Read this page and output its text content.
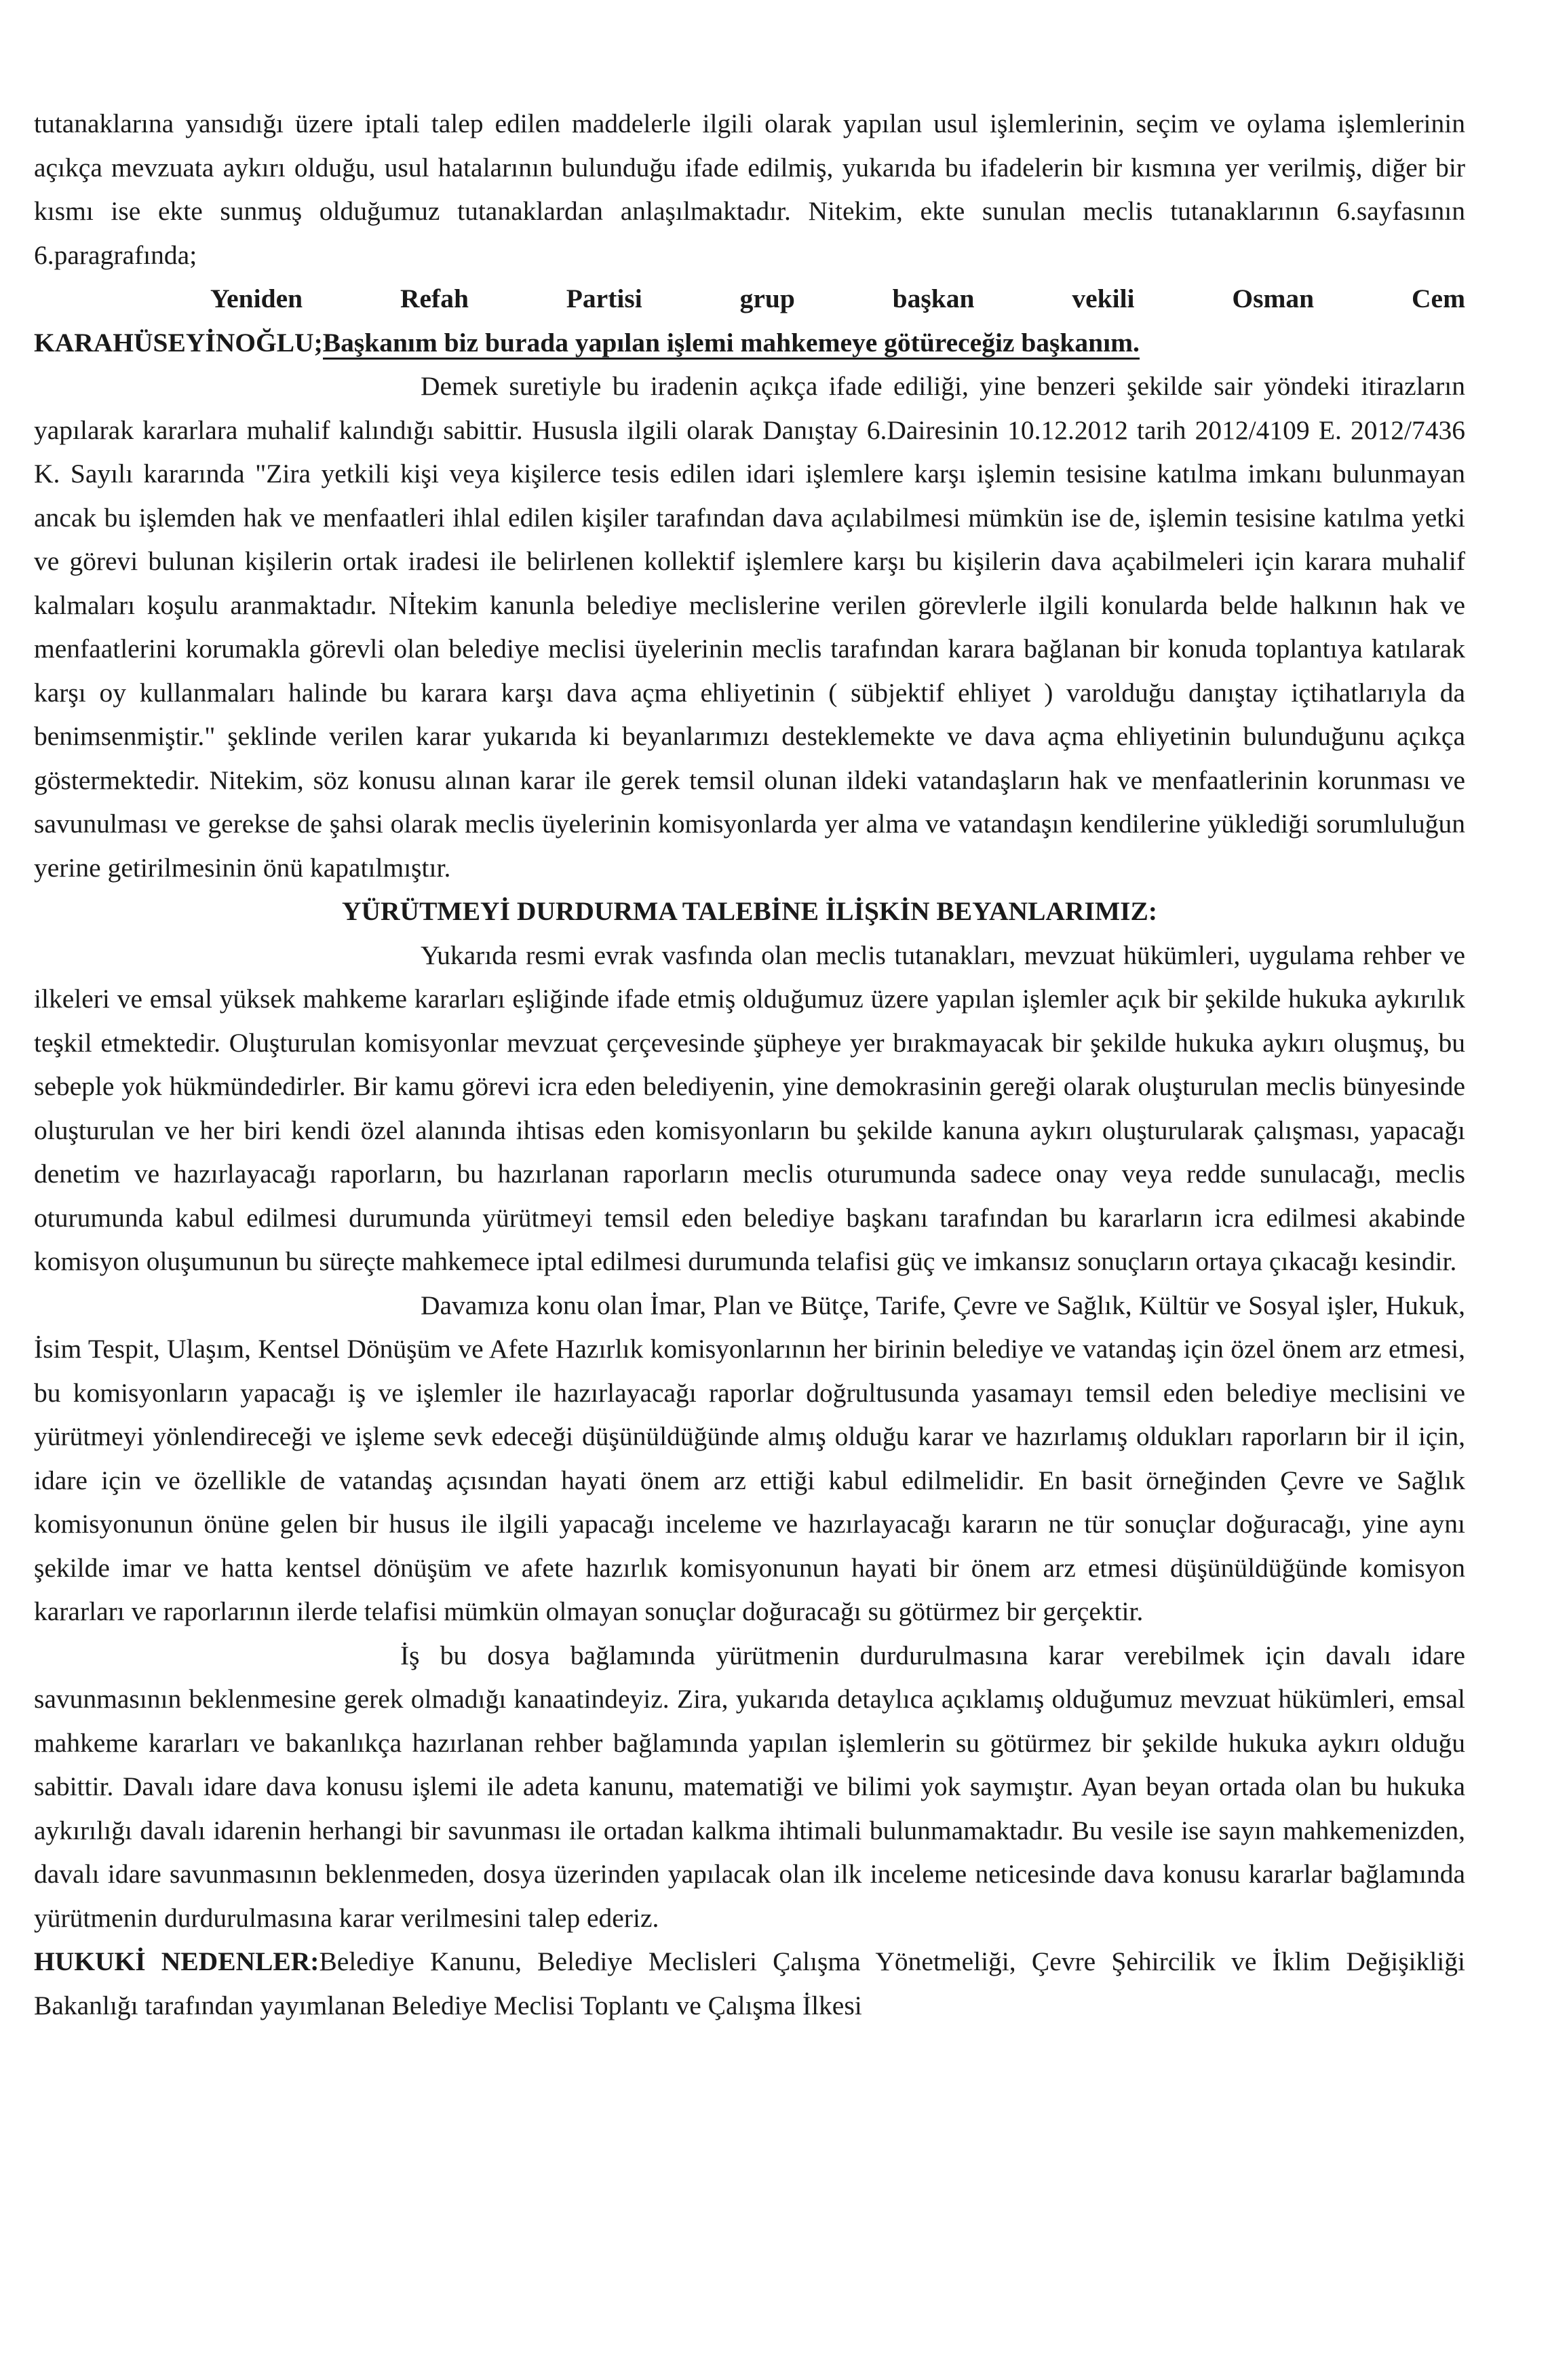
tutanaklarına yansıdığı üzere iptali talep edilen maddelerle ilgili olarak yapılan usul işlemlerinin, seçim ve oylama işlemlerinin açıkça mevzuata aykırı olduğu, usul hatalarının bulunduğu ifade edilmiş, yukarıda bu ifadelerin bir kısmına yer verilmiş, diğer bir kısmı ise ekte sunmuş olduğumuz tutanaklardan anlaşılmaktadır. Nitekim, ekte sunulan meclis tutanaklarının 6.sayfasının 6.paragrafında;

Yeniden Refah Partisi grup başkan vekili Osman Cem

KARAHÜSEYİNOĞLU;Başkanım biz burada yapılan işlemi mahkemeye götüreceğiz başkanım.

Demek suretiyle bu iradenin açıkça ifade ediliği, yine benzeri şekilde sair yöndeki itirazların yapılarak kararlara muhalif kalındığı sabittir. Hususla ilgili olarak Danıştay 6.Dairesinin 10.12.2012 tarih 2012/4109 E. 2012/7436 K. Sayılı kararında "Zira yetkili kişi veya kişilerce tesis edilen idari işlemlere karşı işlemin tesisine katılma imkanı bulunmayan ancak bu işlemden hak ve menfaatleri ihlal edilen kişiler tarafından dava açılabilmesi mümkün ise de, işlemin tesisine katılma yetki ve görevi bulunan kişilerin ortak iradesi ile belirlenen kollektif işlemlere karşı bu kişilerin dava açabilmeleri için karara muhalif kalmaları koşulu aranmaktadır. Nİtekim kanunla belediye meclislerine verilen görevlerle ilgili konularda belde halkının hak ve menfaatlerini korumakla görevli olan belediye meclisi üyelerinin meclis tarafından karara bağlanan bir konuda toplantıya katılarak karşı oy kullanmaları halinde bu karara karşı dava açma ehliyetinin ( sübjektif ehliyet ) varolduğu danıştay içtihatlarıyla da benimsenmiştir." şeklinde verilen karar yukarıda ki beyanlarımızı desteklemekte ve dava açma ehliyetinin bulunduğunu açıkça göstermektedir. Nitekim, söz konusu alınan karar ile gerek temsil olunan ildeki vatandaşların hak ve menfaatlerinin korunması ve savunulması ve gerekse de şahsi olarak meclis üyelerinin komisyonlarda yer alma ve vatandaşın kendilerine yüklediği sorumluluğun yerine getirilmesinin önü kapatılmıştır.

YÜRÜTMEYİ DURDURMA TALEBİNE İLİŞKİN BEYANLARIMIZ:

Yukarıda resmi evrak vasfında olan meclis tutanakları, mevzuat hükümleri, uygulama rehber ve ilkeleri ve emsal yüksek mahkeme kararları eşliğinde ifade etmiş olduğumuz üzere yapılan işlemler açık bir şekilde hukuka aykırılık teşkil etmektedir. Oluşturulan komisyonlar mevzuat çerçevesinde şüpheye yer bırakmayacak bir şekilde hukuka aykırı oluşmuş, bu sebeple yok hükmündedirler. Bir kamu görevi icra eden belediyenin, yine demokrasinin gereği olarak oluşturulan meclis bünyesinde oluşturulan ve her biri kendi özel alanında ihtisas eden komisyonların bu şekilde kanuna aykırı oluşturularak çalışması, yapacağı denetim ve hazırlayacağı raporların, bu hazırlanan raporların meclis oturumunda sadece onay veya redde sunulacağı, meclis oturumunda kabul edilmesi durumunda yürütmeyi temsil eden belediye başkanı tarafından bu kararların icra edilmesi akabinde komisyon oluşumunun bu süreçte mahkemece iptal edilmesi durumunda telafisi güç ve imkansız sonuçların ortaya çıkacağı kesindir.

Davamıza konu olan İmar, Plan ve Bütçe, Tarife, Çevre ve Sağlık, Kültür ve Sosyal işler, Hukuk, İsim Tespit, Ulaşım, Kentsel Dönüşüm ve Afete Hazırlık komisyonlarının her birinin belediye ve vatandaş için özel önem arz etmesi, bu komisyonların yapacağı iş ve işlemler ile hazırlayacağı raporlar doğrultusunda yasamayı temsil eden belediye meclisini ve yürütmeyi yönlendireceği ve işleme sevk edeceği düşünüldüğünde almış olduğu karar ve hazırlamış oldukları raporların bir il için, idare için ve özellikle de vatandaş açısından hayati önem arz ettiği kabul edilmelidir. En basit örneğinden Çevre ve Sağlık komisyonunun önüne gelen bir husus ile ilgili yapacağı inceleme ve hazırlayacağı kararın ne tür sonuçlar doğuracağı, yine aynı şekilde imar ve hatta kentsel dönüşüm ve afete hazırlık komisyonunun hayati bir önem arz etmesi düşünüldüğünde komisyon kararları ve raporlarının ilerde telafisi mümkün olmayan sonuçlar doğuracağı su götürmez bir gerçektir.

İş bu dosya bağlamında yürütmenin durdurulmasına karar verebilmek için davalı idare savunmasının beklenmesine gerek olmadığı kanaatindeyiz. Zira, yukarıda detaylıca açıklamış olduğumuz mevzuat hükümleri, emsal mahkeme kararları ve bakanlıkça hazırlanan rehber bağlamında yapılan işlemlerin su götürmez bir şekilde hukuka aykırı olduğu sabittir. Davalı idare dava konusu işlemi ile adeta kanunu, matematiği ve bilimi yok saymıştır. Ayan beyan ortada olan bu hukuka aykırılığı davalı idarenin herhangi bir savunması ile ortadan kalkma ihtimali bulunmamaktadır. Bu vesile ise sayın mahkemenizden, davalı idare savunmasının beklenmeden, dosya üzerinden yapılacak olan ilk inceleme neticesinde dava konusu kararlar bağlamında yürütmenin durdurulmasına karar verilmesini talep ederiz.

HUKUKİ NEDENLER:Belediye Kanunu, Belediye Meclisleri Çalışma Yönetmeliği, Çevre Şehircilik ve İklim Değişikliği Bakanlığı tarafından yayımlanan Belediye Meclisi Toplantı ve Çalışma İlkesi
